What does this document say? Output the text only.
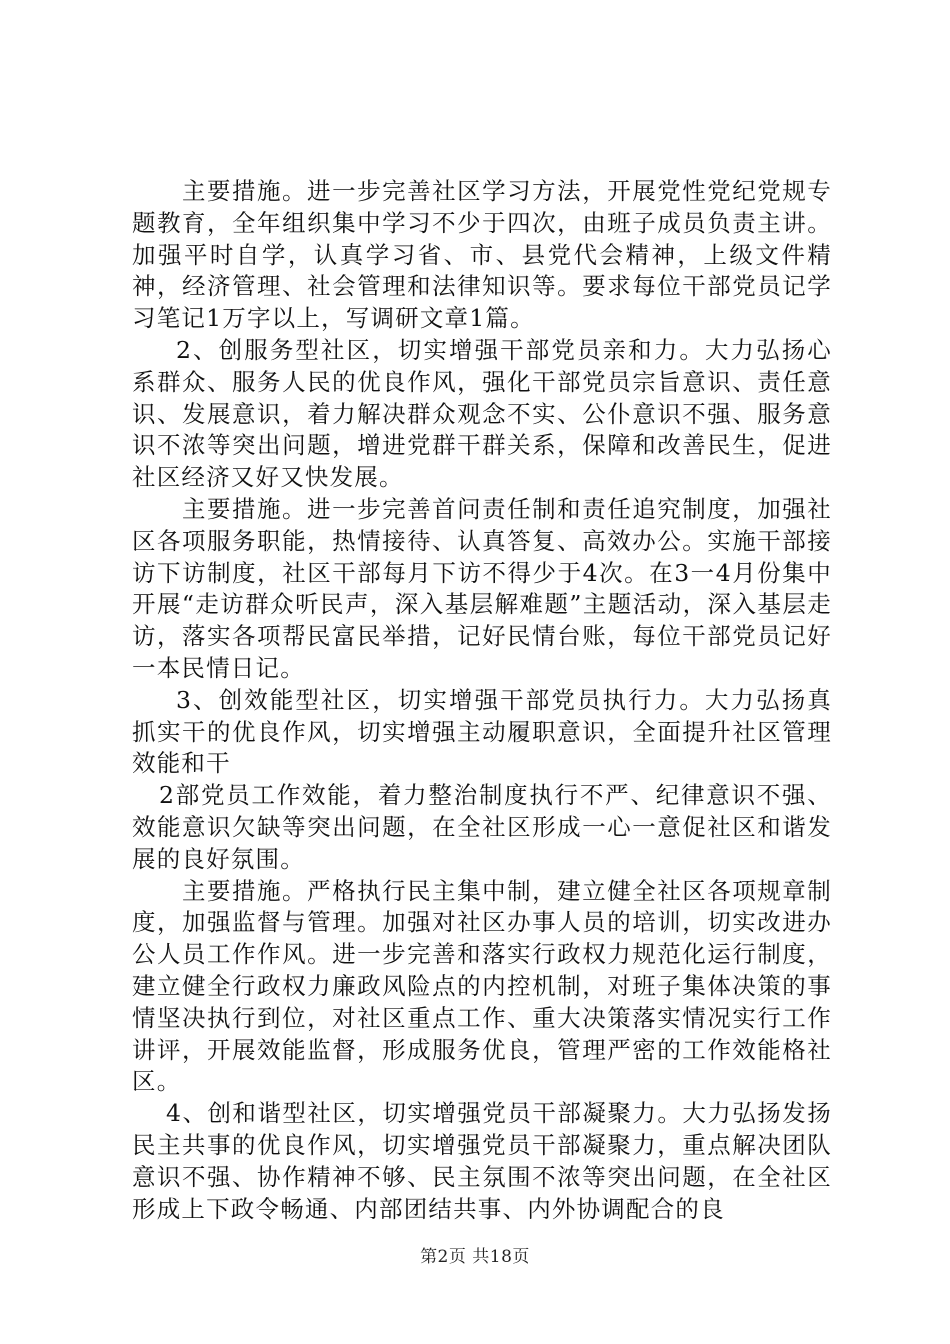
主要措施。进一步完善社区学习方法，开展党性党纪党规专题教育，全年组织集中学习不少于四次，由班子成员负责主讲。加强平时自学，认真学习省、市、县党代会精神，上级文件精神，经济管理、社会管理和法律知识等。要求每位干部党员记学习笔记1万字以上，写调研文章1篇。

2、创服务型社区，切实增强干部党员亲和力。大力弘扬心系群众、服务人民的优良作风，强化干部党员宗旨意识、责任意识、发展意识，着力解决群众观念不实、公仆意识不强、服务意识不浓等突出问题，增进党群干群关系，保障和改善民生，促进社区经济又好又快发展。

主要措施。进一步完善首问责任制和责任追究制度，加强社区各项服务职能，热情接待、认真答复、高效办公。实施干部接访下访制度，社区干部每月下访不得少于4次。在3一4月份集中开展“走访群众听民声，深入基层解难题”主题活动，深入基层走访，落实各项帮民富民举措，记好民情台账，每位干部党员记好一本民情日记。

3、创效能型社区，切实增强干部党员执行力。大力弘扬真抓实干的优良作风，切实增强主动履职意识，全面提升社区管理效能和干

2部党员工作效能，着力整治制度执行不严、纪律意识不强、效能意识欠缺等突出问题，在全社区形成一心一意促社区和谐发展的良好氛围。

主要措施。严格执行民主集中制，建立健全社区各项规章制度，加强监督与管理。加强对社区办事人员的培训，切实改进办公人员工作作风。进一步完善和落实行政权力规范化运行制度，建立健全行政权力廉政风险点的内控机制，对班子集体决策的事情坚决执行到位，对社区重点工作、重大决策落实情况实行工作讲评，开展效能监督，形成服务优良，管理严密的工作效能格社区。

4、创和谐型社区，切实增强党员干部凝聚力。大力弘扬发扬民主共事的优良作风，切实增强党员干部凝聚力，重点解决团队意识不强、协作精神不够、民主氛围不浓等突出问题，在全社区形成上下政令畅通、内部团结共事、内外协调配合的良

第2页 共18页
